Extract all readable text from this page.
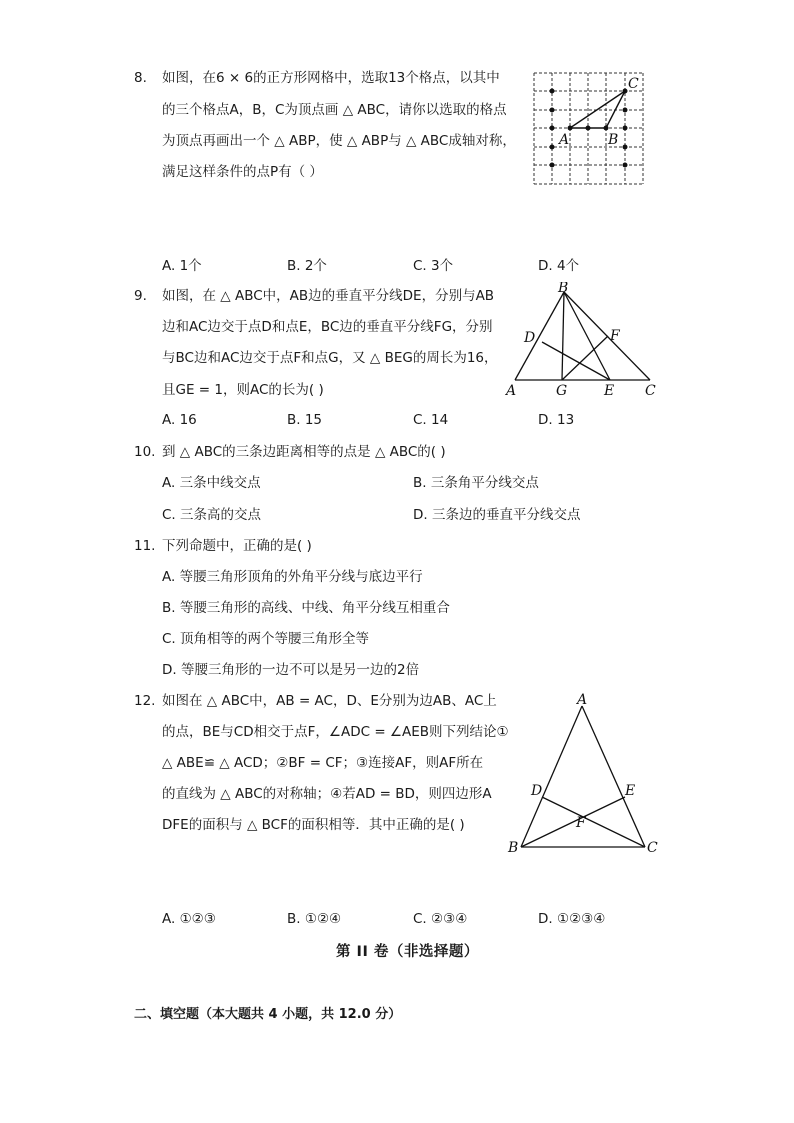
8. 如图，在6 × 6的正方形网格中，选取13个格点，以其中
的三个格点A，B，C为顶点画 △ ABC，请你以选取的格点
为顶点再画出一个 △ ABP，使 △ ABP与 △ ABC成轴对称，
满足这样条件的点P有（ ）
A	B
C
A. 1个	B. 2个	C. 3个	D. 4个
9. 如图，在 △ ABC中，AB边的垂直平分线DE，分别与AB
边和AC边交于点D和点E，BC边的垂直平分线FG，分别
与BC边和AC边交于点F和点G，又 △ BEG的周长为16，
且GE = 1，则AC的长为( )	A
B
C
D
E
F
G
A. 16	B. 15	C. 14	D. 13
10. 到 △ ABC的三条边距离相等的点是 △ ABC的( )
A. 三条中线交点	B. 三条角平分线交点
C. 三条高的交点	D. 三条边的垂直平分线交点
11. 下列命题中，正确的是( )
A. 等腰三角形顶角的外角平分线与底边平行
B. 等腰三角形的高线、中线、角平分线互相重合
C. 顶角相等的两个等腰三角形全等
D. 等腰三角形的一边不可以是另一边的2倍
12. 如图在 △ ABC中，AB = AC，D、E分别为边AB、AC上
的点，BE与CD相交于点F，∠ADC = ∠AEB则下列结论①
△ ABE≌ △ ACD；②BF = CF；③连接AF，则AF所在
的直线为 △ ABC的对称轴；④若AD = BD，则四边形A
DFE的面积与 △ BCF的面积相等．其中正确的是( )
A
B	C
D	E
F
A. ①②③	B. ①②④	C. ②③④	D. ①②③④
第 II 卷（非选择题）
二、填空题（本大题共 4 小题，共 12.0 分）
